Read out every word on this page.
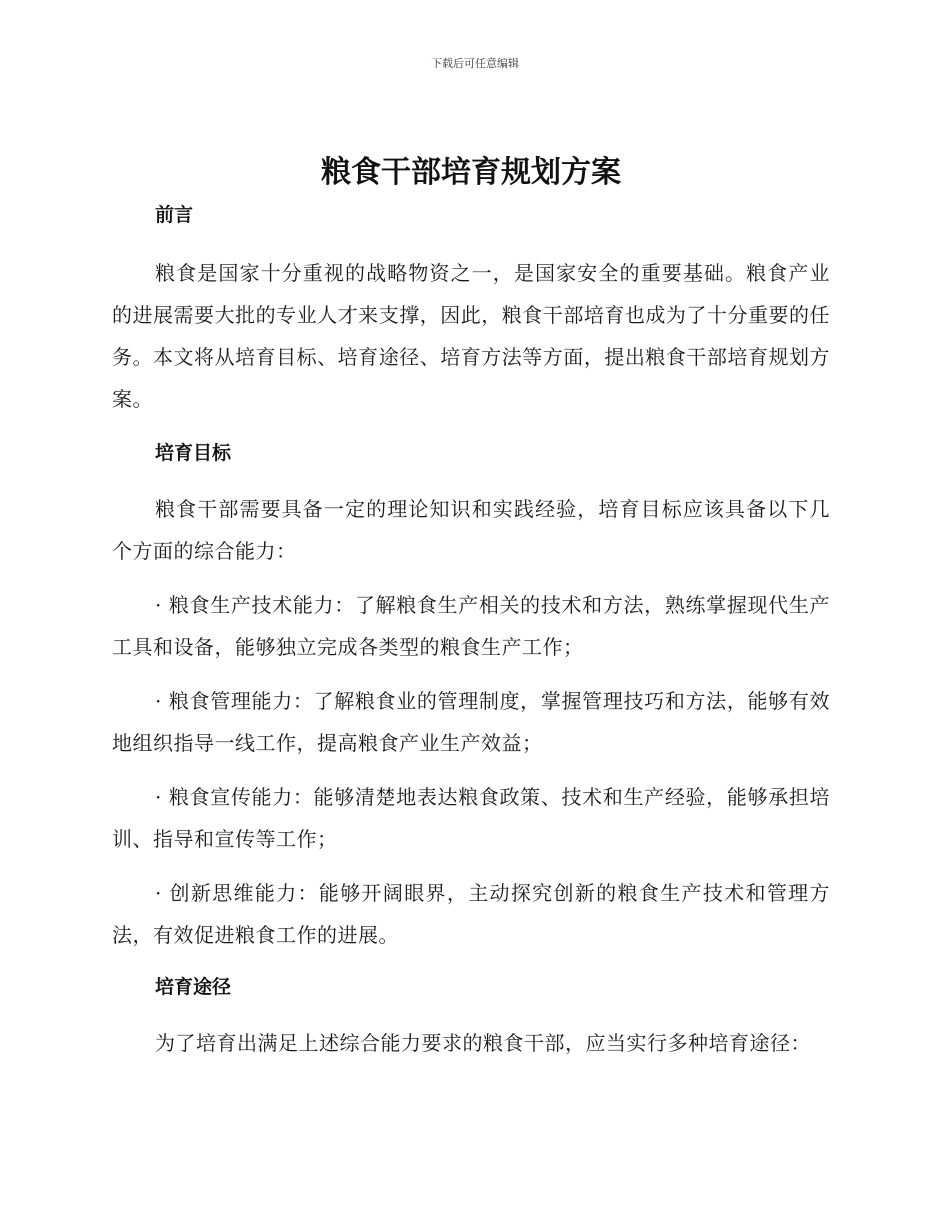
下载后可任意编辑
粮食干部培育规划方案
前言

粮食是国家十分重视的战略物资之一，是国家安全的重要基础。粮食产业的进展需要大批的专业人才来支撑，因此，粮食干部培育也成为了十分重要的任务。本文将从培育目标、培育途径、培育方法等方面，提出粮食干部培育规划方案。

培育目标

粮食干部需要具备一定的理论知识和实践经验，培育目标应该具备以下几个方面的综合能力：

· 粮食生产技术能力：了解粮食生产相关的技术和方法，熟练掌握现代生产工具和设备，能够独立完成各类型的粮食生产工作；

· 粮食管理能力：了解粮食业的管理制度，掌握管理技巧和方法，能够有效地组织指导一线工作，提高粮食产业生产效益；

· 粮食宣传能力：能够清楚地表达粮食政策、技术和生产经验，能够承担培训、指导和宣传等工作；

· 创新思维能力：能够开阔眼界，主动探究创新的粮食生产技术和管理方法，有效促进粮食工作的进展。

培育途径

为了培育出满足上述综合能力要求的粮食干部，应当实行多种培育途径：
